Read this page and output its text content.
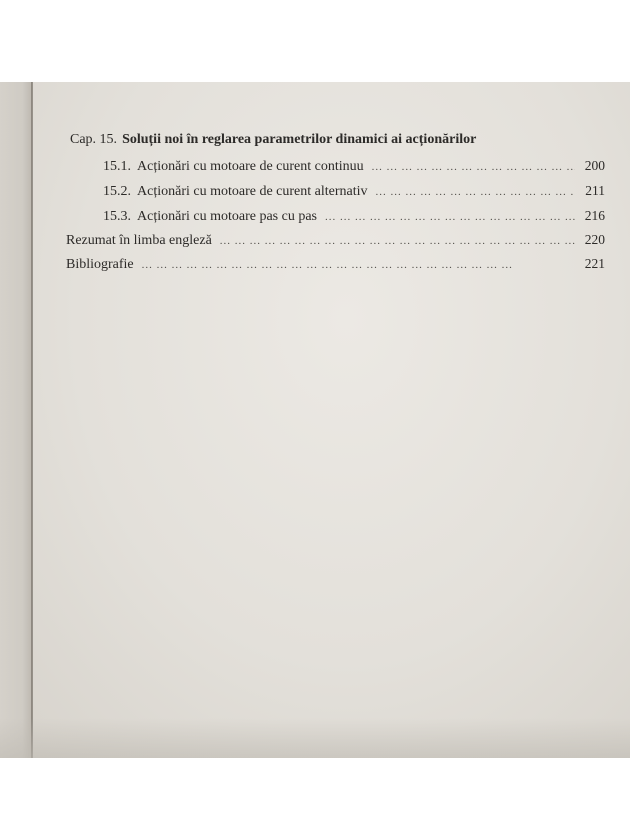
Cap. 15. Soluții noi în reglarea parametrilor dinamici ai acționărilor
15.1. Acționări cu motoare de curent continuu ... .	200
15.2. Acționări cu motoare de curent alternativ ... .	211
15.3. Acționări cu motoare pas cu pas ... .	216
Rezumat în limba engleză ... .	220
Bibliografie ... .	221
